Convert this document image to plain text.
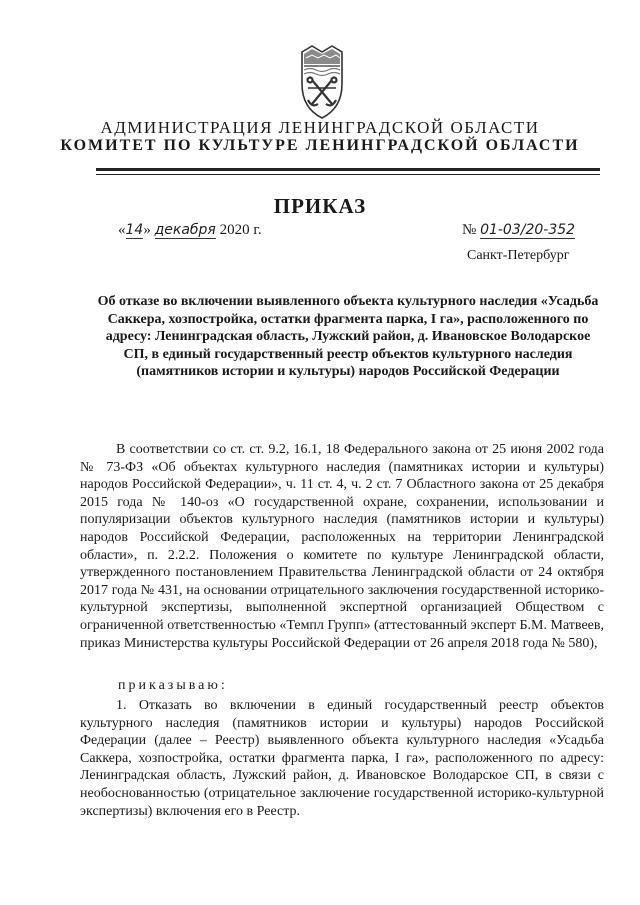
АДМИНИСТРАЦИЯ ЛЕНИНГРАДСКОЙ ОБЛАСТИ
КОМИТЕТ ПО КУЛЬТУРЕ ЛЕНИНГРАДСКОЙ ОБЛАСТИ
ПРИКАЗ
«14» декабря 2020 г.	№ 01-03/20-352
Санкт-Петербург
Об отказе во включении выявленного объекта культурного наследия «Усадьба Саккера, хозпостройка, остатки фрагмента парка, I га», расположенного по адресу: Ленинградская область, Лужский район, д. Ивановское Володарское СП, в единый государственный реестр объектов культурного наследия (памятников истории и культуры) народов Российской Федерации

В соответствии со ст. ст. 9.2, 16.1, 18 Федерального закона от 25 июня 2002 года № 73-ФЗ «Об объектах культурного наследия (памятниках истории и культуры) народов Российской Федерации», ч. 11 ст. 4, ч. 2 ст. 7 Областного закона от 25 декабря 2015 года № 140-оз «О государственной охране, сохранении, использовании и популяризации объектов культурного наследия (памятников истории и культуры) народов Российской Федерации, расположенных на территории Ленинградской области», п. 2.2.2. Положения о комитете по культуре Ленинградской области, утвержденного постановлением Правительства Ленинградской области от 24 октября 2017 года № 431, на основании отрицательного заключения государственной историко-культурной экспертизы, выполненной экспертной организацией Обществом с ограниченной ответственностью «Темпл Групп» (аттестованный эксперт Б.М. Матвеев, приказ Министерства культуры Российской Федерации от 26 апреля 2018 года № 580),

приказываю:

1. Отказать во включении в единый государственный реестр объектов культурного наследия (памятников истории и культуры) народов Российской Федерации (далее – Реестр) выявленного объекта культурного наследия «Усадьба Саккера, хозпостройка, остатки фрагмента парка, I га», расположенного по адресу: Ленинградская область, Лужский район, д. Ивановское Володарское СП, в связи с необоснованностью (отрицательное заключение государственной историко-культурной экспертизы) включения его в Реестр.
